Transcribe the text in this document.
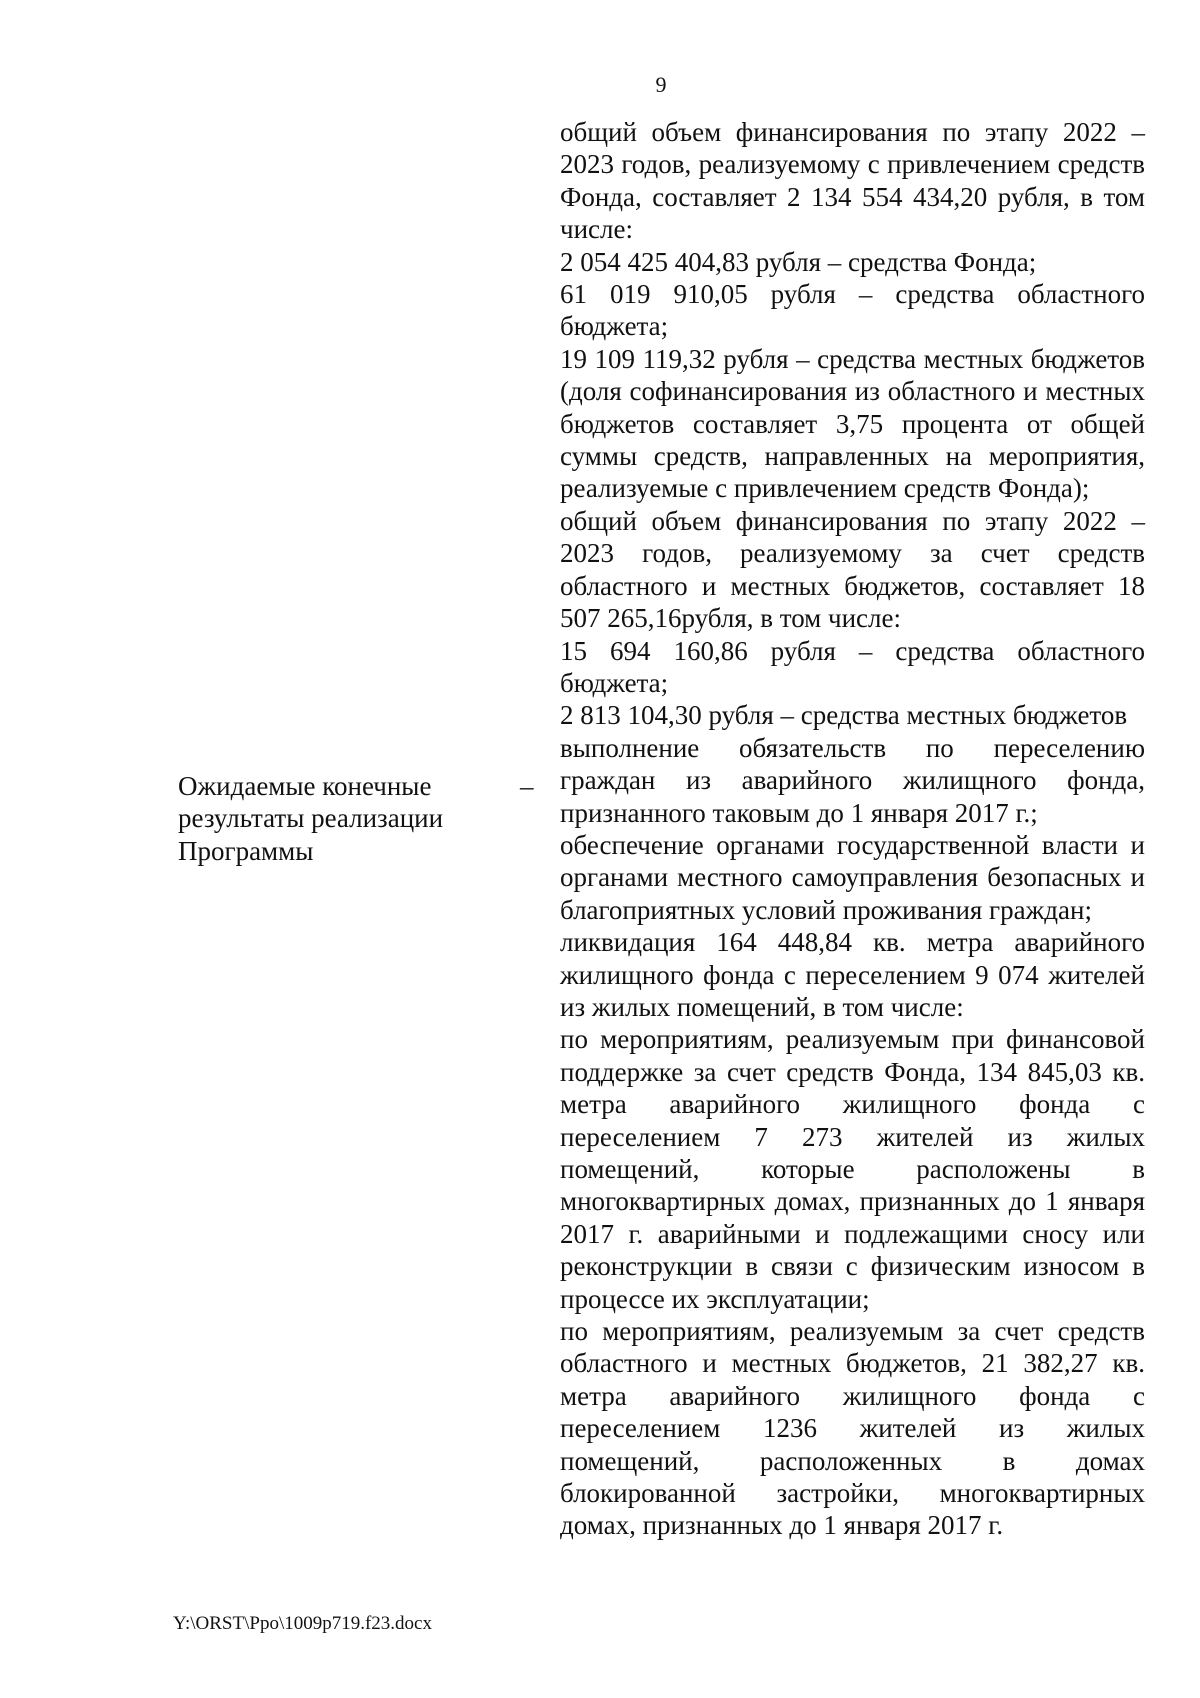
9

общий объем финансирования по этапу 2022 – 2023 годов, реализуемому с привлечением средств Фонда, составляет 2 134 554 434,20 рубля, в том числе:

2 054 425 404,83 рубля – средства Фонда;

61 019 910,05 рубля – средства областного бюджета;

19 109 119,32 рубля – средства местных бюджетов (доля софинансирования из областного и местных бюджетов составляет 3,75 процента от общей суммы средств, направленных на мероприятия, реализуемые с привлечением средств Фонда);

общий объем финансирования по этапу 2022 – 2023 годов, реализуемому за счет средств областного и местных бюджетов, составляет 18 507 265,16рубля, в том числе:

15 694 160,86 рубля – средства областного бюджета;

2 813 104,30 рубля – средства местных бюджетов

выполнение обязательств по переселению граждан из аварийного жилищного фонда, признанного таковым до 1 января 2017 г.;

обеспечение органами государственной власти и органами местного самоуправления безопасных и благоприятных условий проживания граждан;

ликвидация 164 448,84 кв. метра аварийного жилищного фонда с переселением 9 074 жителей из жилых помещений, в том числе:

по мероприятиям, реализуемым при финансовой поддержке за счет средств Фонда, 134 845,03 кв. метра аварийного жилищного фонда с переселением 7 273 жителей из жилых помещений, которые расположены в многоквартирных домах, признанных до 1 января 2017 г. аварийными и подлежащими сносу или реконструкции в связи с физическим износом в процессе их эксплуатации;

по мероприятиям, реализуемым за счет средств областного и местных бюджетов, 21 382,27 кв. метра аварийного жилищного фонда с переселением 1236 жителей из жилых помещений, расположенных в домах блокированной застройки, многоквартирных домах, признанных до 1 января 2017 г.

Ожидаемые конечные
результаты реализации
Программы
–
Y:\ORST\Ppo\1009p719.f23.docx
